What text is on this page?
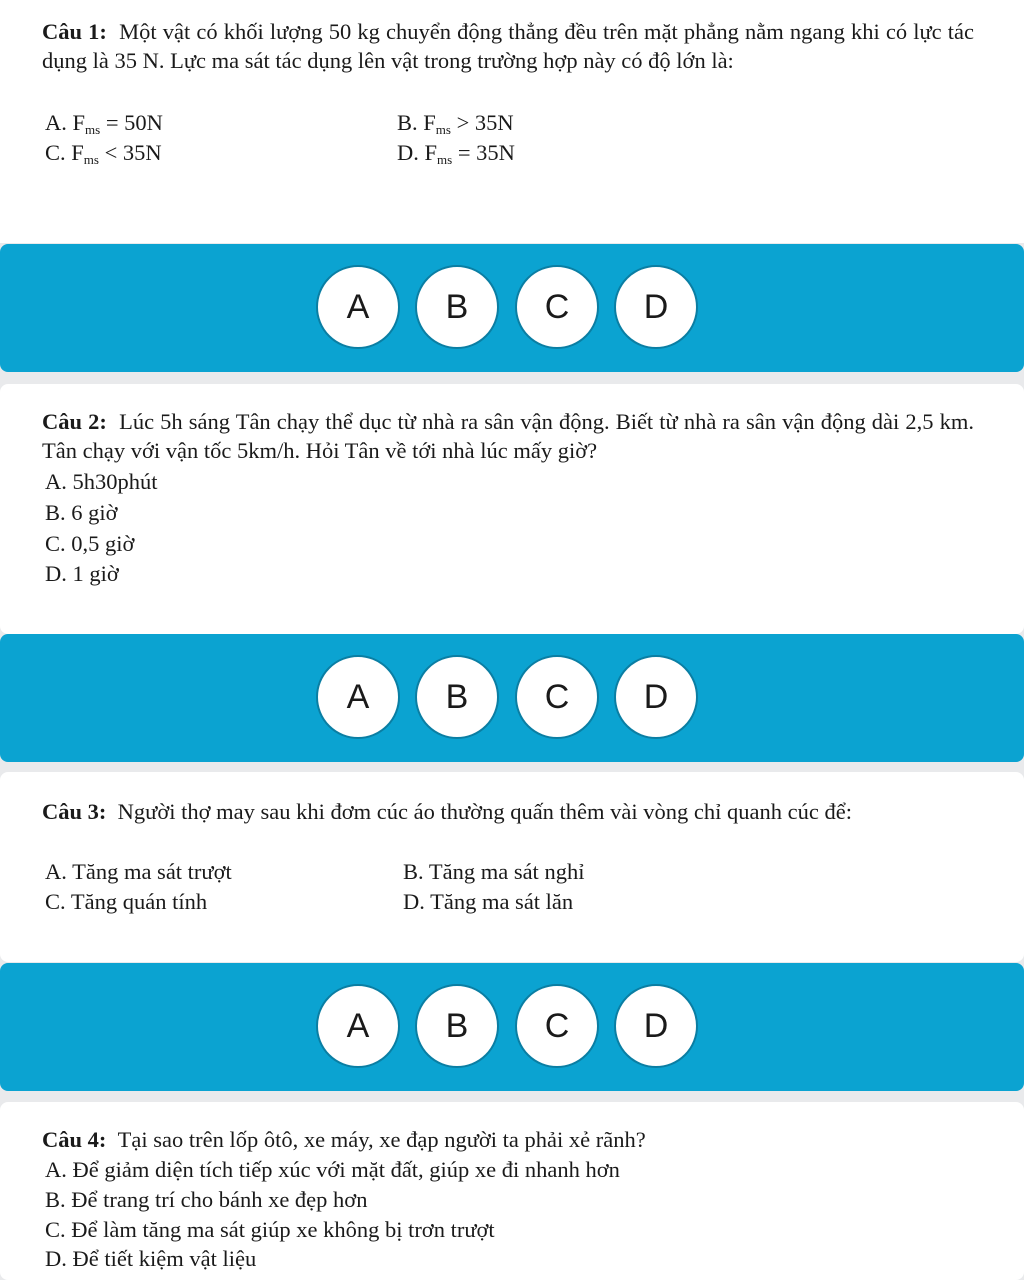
Câu 1: Một vật có khối lượng 50 kg chuyển động thẳng đều trên mặt phẳng nằm ngang khi có lực tác dụng là 35 N. Lực ma sát tác dụng lên vật trong trường hợp này có độ lớn là:
A. $F_{ms} = 50N$	B. $F_{ms} > 35N$
C. $F_{ms} < 35N$	D. $F_{ms} = 35N$
A	B	C	D
Câu 2: Lúc 5h sáng Tân chạy thể dục từ nhà ra sân vận động. Biết từ nhà ra sân vận động dài 2,5 km. Tân chạy với vận tốc 5km/h. Hỏi Tân về tới nhà lúc mấy giờ?
A. 5h30phút
B. 6 giờ
C. 0,5 giờ
D. 1 giờ
A	B	C	D
Câu 3: Người thợ may sau khi đơm cúc áo thường quấn thêm vài vòng chỉ quanh cúc để:
A. Tăng ma sát trượt	B. Tăng ma sát nghỉ
C. Tăng quán tính	D. Tăng ma sát lăn
A	B	C	D
Câu 4: Tại sao trên lốp ôtô, xe máy, xe đạp người ta phải xẻ rãnh?
A. Để giảm diện tích tiếp xúc với mặt đất, giúp xe đi nhanh hơn
B. Để trang trí cho bánh xe đẹp hơn
C. Để làm tăng ma sát giúp xe không bị trơn trượt
D. Để tiết kiệm vật liệu
